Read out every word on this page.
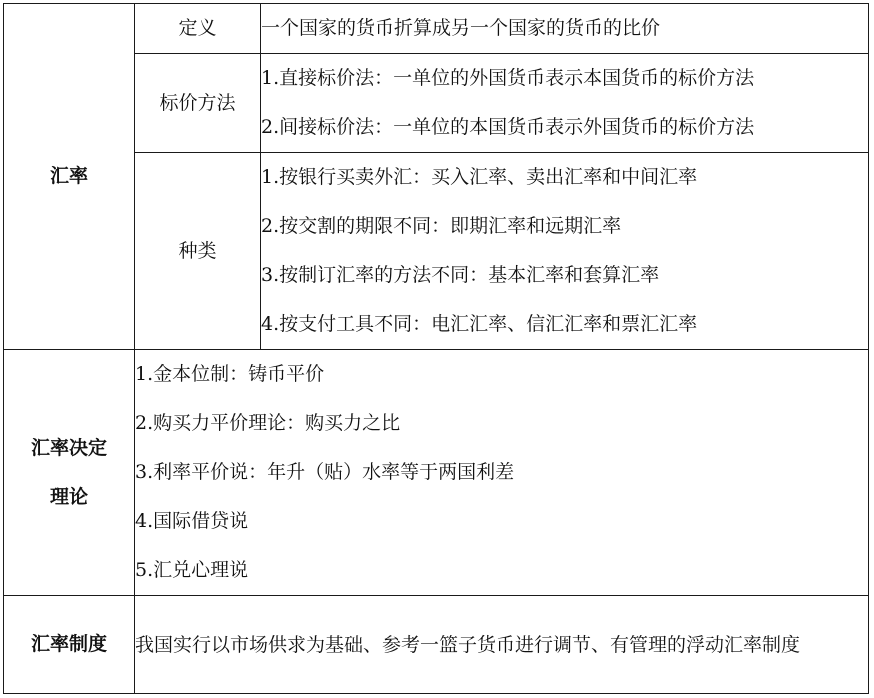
汇率	定义	一个国家的货币折算成另一个国家的货币的比价

	标价方法	1.直接标价法：一单位的外国货币表示本国货币的标价方法
2.间接标价法：一单位的本国货币表示外国货币的标价方法

	种类	1.按银行买卖外汇：买入汇率、卖出汇率和中间汇率
2.按交割的期限不同：即期汇率和远期汇率
3.按制订汇率的方法不同：基本汇率和套算汇率
4.按支付工具不同：电汇汇率、信汇汇率和票汇汇率

汇率决定
理论	1.金本位制：铸币平价
2.购买力平价理论：购买力之比
3.利率平价说：年升（贴）水率等于两国利差
4.国际借贷说
5.汇兑心理说	

汇率制度	我国实行以市场供求为基础、参考一篮子货币进行调节、有管理的浮动汇率制度	
